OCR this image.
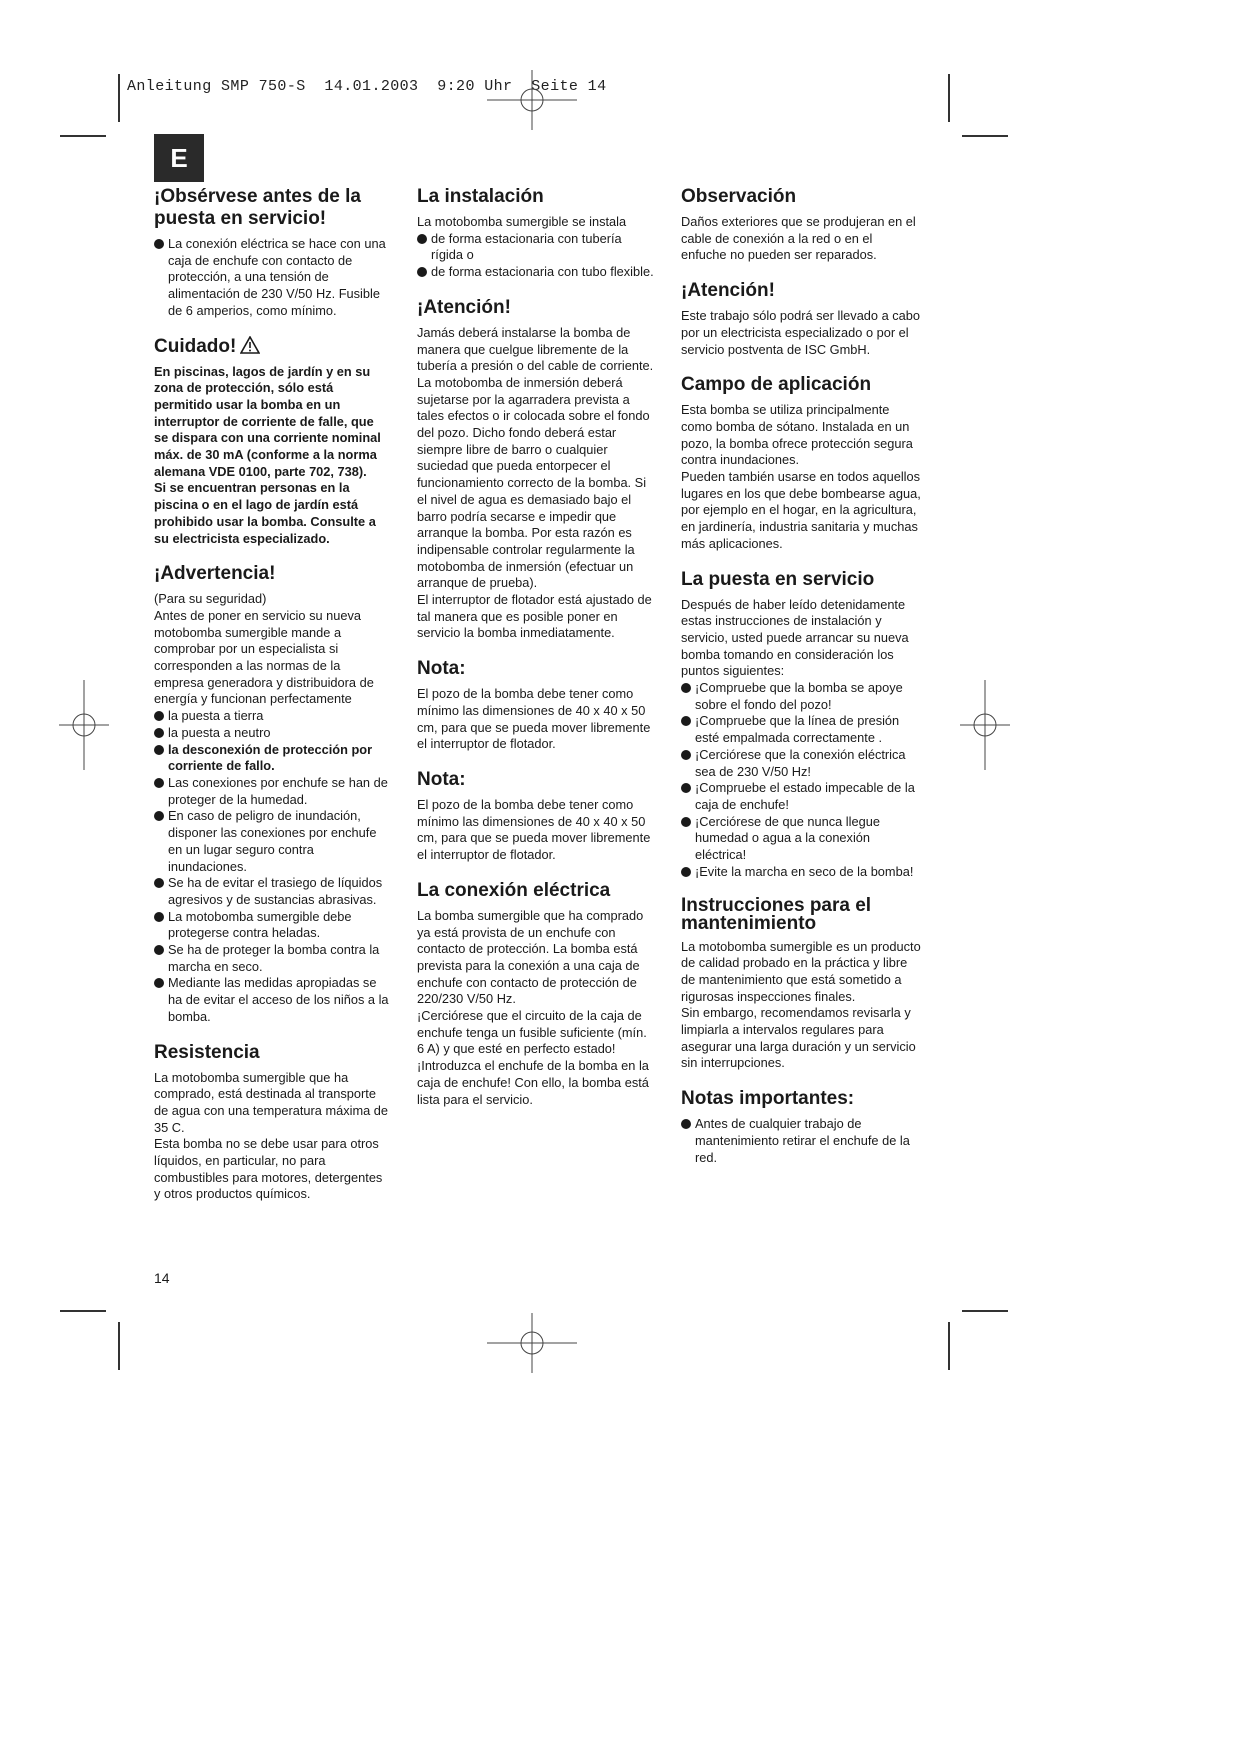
Anleitung SMP 750-S  14.01.2003  9:20 Uhr  Seite 14
E
¡Obsérvese antes de la puesta en servicio!
La conexión eléctrica se hace con una caja de enchufe con contacto de protección, a una tensión de alimentación de 230 V/50 Hz. Fusible de 6 amperios, como mínimo.
Cuidado!

En piscinas, lagos de jardín y en su zona de protección, sólo está permitido usar la bomba en un interruptor de corriente de falle, que se dispara con una corriente nominal máx. de 30 mA (conforme a la norma alemana VDE 0100, parte 702, 738).

Si se encuentran personas en la piscina o en el lago de jardín está prohibido usar la bomba. Consulte a su electricista especializado.

¡Advertencia!

(Para su seguridad)

Antes de poner en servicio su nueva motobomba sumergible mande a comprobar por un especialista si corresponden a las normas de la empresa generadora y distribuidora de energía y funcionan perfectamente

la puesta a tierra
la puesta a neutro
la desconexión de protección por corriente de fallo.
Las conexiones por enchufe se han de proteger de la humedad.
En caso de peligro de inundación, disponer las conexiones por enchufe en un lugar seguro contra inundaciones.
Se ha de evitar el trasiego de líquidos agresivos y de sustancias abrasivas.
La motobomba sumergible debe protegerse contra heladas.
Se ha de proteger la bomba contra la marcha en seco.
Mediante las medidas apropiadas se ha de evitar el acceso de los niños a la bomba.
Resistencia

La motobomba sumergible que ha comprado, está destinada al transporte de agua con una temperatura máxima de 35 C.

Esta bomba no se debe usar para otros líquidos, en particular, no para combustibles para motores, detergentes y otros productos químicos.

La instalación

La motobomba sumergible se instala

de forma estacionaria con tubería rígida o
de forma estacionaria con tubo flexible.
¡Atención!

Jamás deberá instalarse la bomba de manera que cuelgue libremente de la tubería a presión o del cable de corriente. La motobomba de inmersión deberá sujetarse por la agarradera prevista a tales efectos o ir colocada sobre el fondo del pozo. Dicho fondo deberá estar siempre libre de barro o cualquier suciedad que pueda entorpecer el funcionamiento correcto de la bomba. Si el nivel de agua es demasiado bajo el barro podría secarse e impedir que arranque la bomba. Por esta razón es indipensable controlar regularmente la motobomba de inmersión (efectuar un arranque de prueba).

El interruptor de flotador está ajustado de tal manera que es posible poner en servicio la bomba inmediatamente.

Nota:

El pozo de la bomba debe tener como mínimo las dimensiones de 40 x 40 x 50 cm, para que se pueda mover libremente el interruptor de flotador.

Nota:

El pozo de la bomba debe tener como mínimo las dimensiones de 40 x 40 x 50 cm, para que se pueda mover libremente el interruptor de flotador.

La conexión eléctrica

La bomba sumergible que ha comprado ya está provista de un enchufe con contacto de protección. La bomba está prevista para la conexión a una caja de enchufe con contacto de protección de 220/230 V/50 Hz.

¡Cerciórese que el circuito de la caja de enchufe tenga un fusible suficiente (mín. 6 A) y que esté en perfecto estado!

¡Introduzca el enchufe de la bomba en la caja de enchufe! Con ello, la bomba está lista para el servicio.

Observación

Daños exteriores que se produjeran en el cable de conexión a la red o en el enfuche no pueden ser reparados.

¡Atención!

Este trabajo sólo podrá ser llevado a cabo por un electricista especializado o por el servicio postventa de ISC GmbH.

Campo de aplicación

Esta bomba se utiliza principalmente como bomba de sótano. Instalada en un pozo, la bomba ofrece protección segura contra inundaciones.

Pueden también usarse en todos aquellos lugares en los que debe bombearse agua, por ejemplo en el hogar, en la agricultura, en jardinería, industria sanitaria y muchas más aplicaciones.

La puesta en servicio

Después de haber leído detenidamente estas instrucciones de instalación y servicio, usted puede arrancar su nueva bomba tomando en consideración los puntos siguientes:

¡Compruebe que la bomba se apoye sobre el fondo del pozo!
¡Compruebe que la línea de presión esté empalmada correctamente .
¡Cerciórese que la conexión eléctrica sea de 230 V/50 Hz!
¡Compruebe el estado impecable de la caja de enchufe!
¡Cerciórese de que nunca llegue humedad o agua a la conexión eléctrica!
¡Evite la marcha en seco de la bomba!
Instrucciones para el mantenimiento

La motobomba sumergible es un producto de calidad probado en la práctica y libre de mantenimiento que está sometido a rigurosas inspecciones finales.

Sin embargo, recomendamos revisarla y limpiarla a intervalos regulares para asegurar una larga duración y un servicio sin interrupciones.

Notas importantes:
Antes de cualquier trabajo de mantenimiento retirar el enchufe de la red.
14
